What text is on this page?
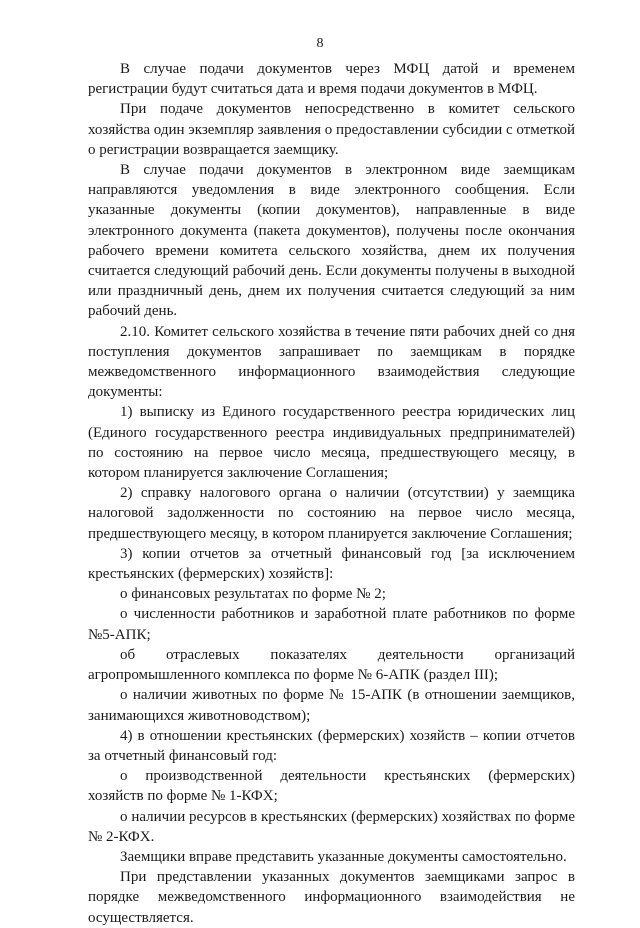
8

В случае подачи документов через МФЦ датой и временем регистрации будут считаться дата и время подачи документов в МФЦ.

При подаче документов непосредственно в комитет сельского хозяйства один экземпляр заявления о предоставлении субсидии с отметкой о регистрации возвращается заемщику.

В случае подачи документов в электронном виде заемщикам направляются уведомления в виде электронного сообщения. Если указанные документы (копии документов), направленные в виде электронного документа (пакета документов), получены после окончания рабочего времени комитета сельского хозяйства, днем их получения считается следующий рабочий день. Если документы получены в выходной или праздничный день, днем их получения считается следующий за ним рабочий день.

2.10. Комитет сельского хозяйства в течение пяти рабочих дней со дня поступления документов запрашивает по заемщикам в порядке межведомственного информационного взаимодействия следующие документы:

1) выписку из Единого государственного реестра юридических лиц (Единого государственного реестра индивидуальных предпринимателей) по состоянию на первое число месяца, предшествующего месяцу, в котором планируется заключение Соглашения;

2) справку налогового органа о наличии (отсутствии) у заемщика налоговой задолженности по состоянию на первое число месяца, предшествующего месяцу, в котором планируется заключение Соглашения;

3) копии отчетов за отчетный финансовый год [за исключением крестьянских (фермерских) хозяйств]:

о финансовых результатах по форме № 2;

о численности работников и заработной плате работников по форме №5-АПК;

об отраслевых показателях деятельности организаций агропромышленного комплекса по форме № 6-АПК (раздел III);

о наличии животных по форме № 15-АПК (в отношении заемщиков, занимающихся животноводством);

4) в отношении крестьянских (фермерских) хозяйств – копии отчетов за отчетный финансовый год:

о производственной деятельности крестьянских (фермерских) хозяйств по форме № 1-КФХ;

о наличии ресурсов в крестьянских (фермерских) хозяйствах по форме № 2-КФХ.

Заемщики вправе представить указанные документы самостоятельно.

При представлении указанных документов заемщиками запрос в порядке межведомственного информационного взаимодействия не осуществляется.
